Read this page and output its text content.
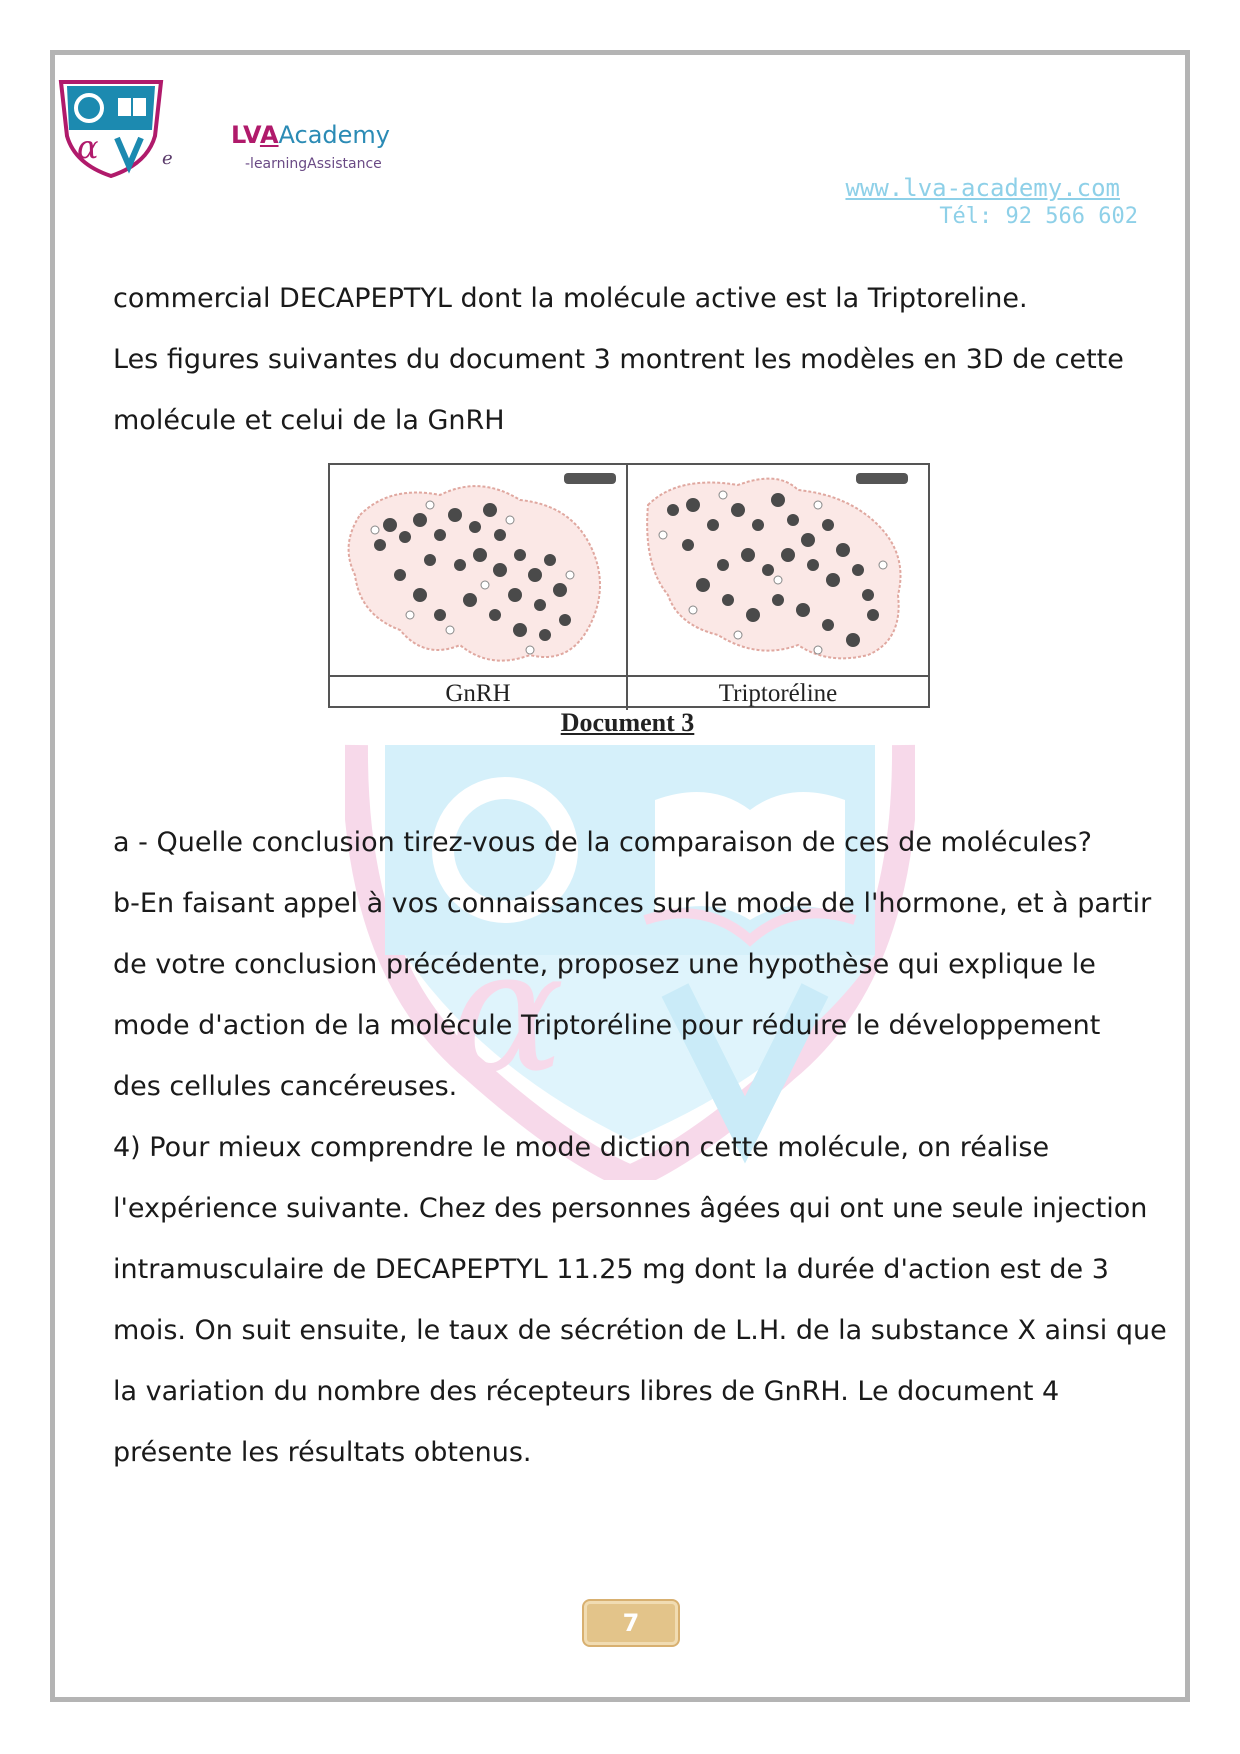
α	e
LVAAcademy
-learningAssistance
www.lva-academy.com
Tél: 92 566 602
α
commercial DECAPEPTYL dont la molécule active est la Triptoreline.
Les figures suivantes du document 3 montrent les modèles en 3D de cette
molécule et celui de la GnRH
GnRH	Triptoréline
Document 3
a - Quelle conclusion tirez-vous de la comparaison de ces de molécules?
b-En faisant appel à vos connaissances sur le mode de l'hormone, et à partir
de votre conclusion précédente, proposez une hypothèse qui explique le
mode d'action de la molécule Triptoréline pour réduire le développement
des cellules cancéreuses.
4) Pour mieux comprendre le mode diction cette molécule, on réalise
l'expérience suivante. Chez des personnes âgées qui ont une seule injection
intramusculaire de DECAPEPTYL 11.25 mg dont la durée d'action est de 3
mois. On suit ensuite, le taux de sécrétion de L.H. de la substance X ainsi que
la variation du nombre des récepteurs libres de GnRH. Le document 4
présente les résultats obtenus.
7
